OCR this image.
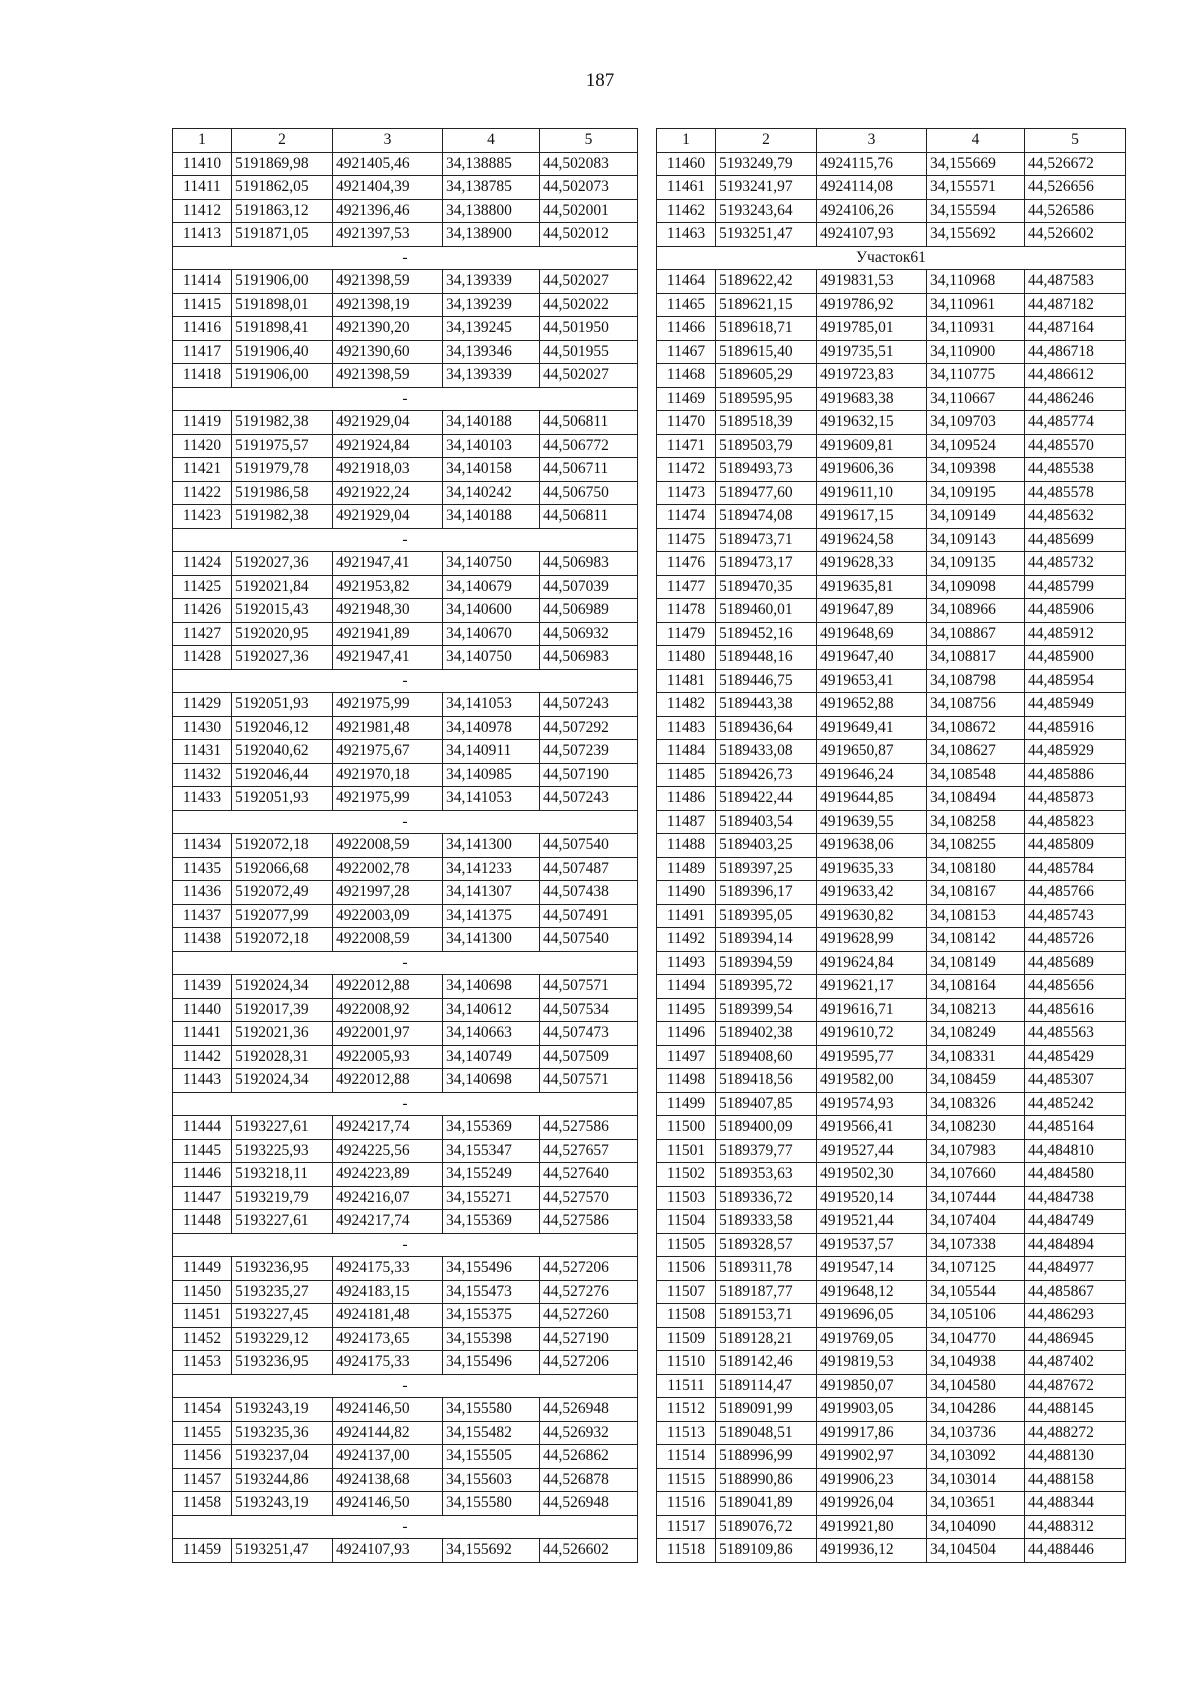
187
1	2	3	4	5
11410	5191869,98	4921405,46	34,138885	44,502083
11411	5191862,05	4921404,39	34,138785	44,502073
11412	5191863,12	4921396,46	34,138800	44,502001
11413	5191871,05	4921397,53	34,138900	44,502012
-				
11414	5191906,00	4921398,59	34,139339	44,502027
11415	5191898,01	4921398,19	34,139239	44,502022
11416	5191898,41	4921390,20	34,139245	44,501950
11417	5191906,40	4921390,60	34,139346	44,501955
11418	5191906,00	4921398,59	34,139339	44,502027
-				
11419	5191982,38	4921929,04	34,140188	44,506811
11420	5191975,57	4921924,84	34,140103	44,506772
11421	5191979,78	4921918,03	34,140158	44,506711
11422	5191986,58	4921922,24	34,140242	44,506750
11423	5191982,38	4921929,04	34,140188	44,506811
-				
11424	5192027,36	4921947,41	34,140750	44,506983
11425	5192021,84	4921953,82	34,140679	44,507039
11426	5192015,43	4921948,30	34,140600	44,506989
11427	5192020,95	4921941,89	34,140670	44,506932
11428	5192027,36	4921947,41	34,140750	44,506983
-				
11429	5192051,93	4921975,99	34,141053	44,507243
11430	5192046,12	4921981,48	34,140978	44,507292
11431	5192040,62	4921975,67	34,140911	44,507239
11432	5192046,44	4921970,18	34,140985	44,507190
11433	5192051,93	4921975,99	34,141053	44,507243
-				
11434	5192072,18	4922008,59	34,141300	44,507540
11435	5192066,68	4922002,78	34,141233	44,507487
11436	5192072,49	4921997,28	34,141307	44,507438
11437	5192077,99	4922003,09	34,141375	44,507491
11438	5192072,18	4922008,59	34,141300	44,507540
-				
11439	5192024,34	4922012,88	34,140698	44,507571
11440	5192017,39	4922008,92	34,140612	44,507534
11441	5192021,36	4922001,97	34,140663	44,507473
11442	5192028,31	4922005,93	34,140749	44,507509
11443	5192024,34	4922012,88	34,140698	44,507571
-				
11444	5193227,61	4924217,74	34,155369	44,527586
11445	5193225,93	4924225,56	34,155347	44,527657
11446	5193218,11	4924223,89	34,155249	44,527640
11447	5193219,79	4924216,07	34,155271	44,527570
11448	5193227,61	4924217,74	34,155369	44,527586
-				
11449	5193236,95	4924175,33	34,155496	44,527206
11450	5193235,27	4924183,15	34,155473	44,527276
11451	5193227,45	4924181,48	34,155375	44,527260
11452	5193229,12	4924173,65	34,155398	44,527190
11453	5193236,95	4924175,33	34,155496	44,527206
-				
11454	5193243,19	4924146,50	34,155580	44,526948
11455	5193235,36	4924144,82	34,155482	44,526932
11456	5193237,04	4924137,00	34,155505	44,526862
11457	5193244,86	4924138,68	34,155603	44,526878
11458	5193243,19	4924146,50	34,155580	44,526948
-				
11459	5193251,47	4924107,93	34,155692	44,526602
1	2	3	4	5
11460	5193249,79	4924115,76	34,155669	44,526672
11461	5193241,97	4924114,08	34,155571	44,526656
11462	5193243,64	4924106,26	34,155594	44,526586
11463	5193251,47	4924107,93	34,155692	44,526602
Участок61				
11464	5189622,42	4919831,53	34,110968	44,487583
11465	5189621,15	4919786,92	34,110961	44,487182
11466	5189618,71	4919785,01	34,110931	44,487164
11467	5189615,40	4919735,51	34,110900	44,486718
11468	5189605,29	4919723,83	34,110775	44,486612
11469	5189595,95	4919683,38	34,110667	44,486246
11470	5189518,39	4919632,15	34,109703	44,485774
11471	5189503,79	4919609,81	34,109524	44,485570
11472	5189493,73	4919606,36	34,109398	44,485538
11473	5189477,60	4919611,10	34,109195	44,485578
11474	5189474,08	4919617,15	34,109149	44,485632
11475	5189473,71	4919624,58	34,109143	44,485699
11476	5189473,17	4919628,33	34,109135	44,485732
11477	5189470,35	4919635,81	34,109098	44,485799
11478	5189460,01	4919647,89	34,108966	44,485906
11479	5189452,16	4919648,69	34,108867	44,485912
11480	5189448,16	4919647,40	34,108817	44,485900
11481	5189446,75	4919653,41	34,108798	44,485954
11482	5189443,38	4919652,88	34,108756	44,485949
11483	5189436,64	4919649,41	34,108672	44,485916
11484	5189433,08	4919650,87	34,108627	44,485929
11485	5189426,73	4919646,24	34,108548	44,485886
11486	5189422,44	4919644,85	34,108494	44,485873
11487	5189403,54	4919639,55	34,108258	44,485823
11488	5189403,25	4919638,06	34,108255	44,485809
11489	5189397,25	4919635,33	34,108180	44,485784
11490	5189396,17	4919633,42	34,108167	44,485766
11491	5189395,05	4919630,82	34,108153	44,485743
11492	5189394,14	4919628,99	34,108142	44,485726
11493	5189394,59	4919624,84	34,108149	44,485689
11494	5189395,72	4919621,17	34,108164	44,485656
11495	5189399,54	4919616,71	34,108213	44,485616
11496	5189402,38	4919610,72	34,108249	44,485563
11497	5189408,60	4919595,77	34,108331	44,485429
11498	5189418,56	4919582,00	34,108459	44,485307
11499	5189407,85	4919574,93	34,108326	44,485242
11500	5189400,09	4919566,41	34,108230	44,485164
11501	5189379,77	4919527,44	34,107983	44,484810
11502	5189353,63	4919502,30	34,107660	44,484580
11503	5189336,72	4919520,14	34,107444	44,484738
11504	5189333,58	4919521,44	34,107404	44,484749
11505	5189328,57	4919537,57	34,107338	44,484894
11506	5189311,78	4919547,14	34,107125	44,484977
11507	5189187,77	4919648,12	34,105544	44,485867
11508	5189153,71	4919696,05	34,105106	44,486293
11509	5189128,21	4919769,05	34,104770	44,486945
11510	5189142,46	4919819,53	34,104938	44,487402
11511	5189114,47	4919850,07	34,104580	44,487672
11512	5189091,99	4919903,05	34,104286	44,488145
11513	5189048,51	4919917,86	34,103736	44,488272
11514	5188996,99	4919902,97	34,103092	44,488130
11515	5188990,86	4919906,23	34,103014	44,488158
11516	5189041,89	4919926,04	34,103651	44,488344
11517	5189076,72	4919921,80	34,104090	44,488312
11518	5189109,86	4919936,12	34,104504	44,488446
